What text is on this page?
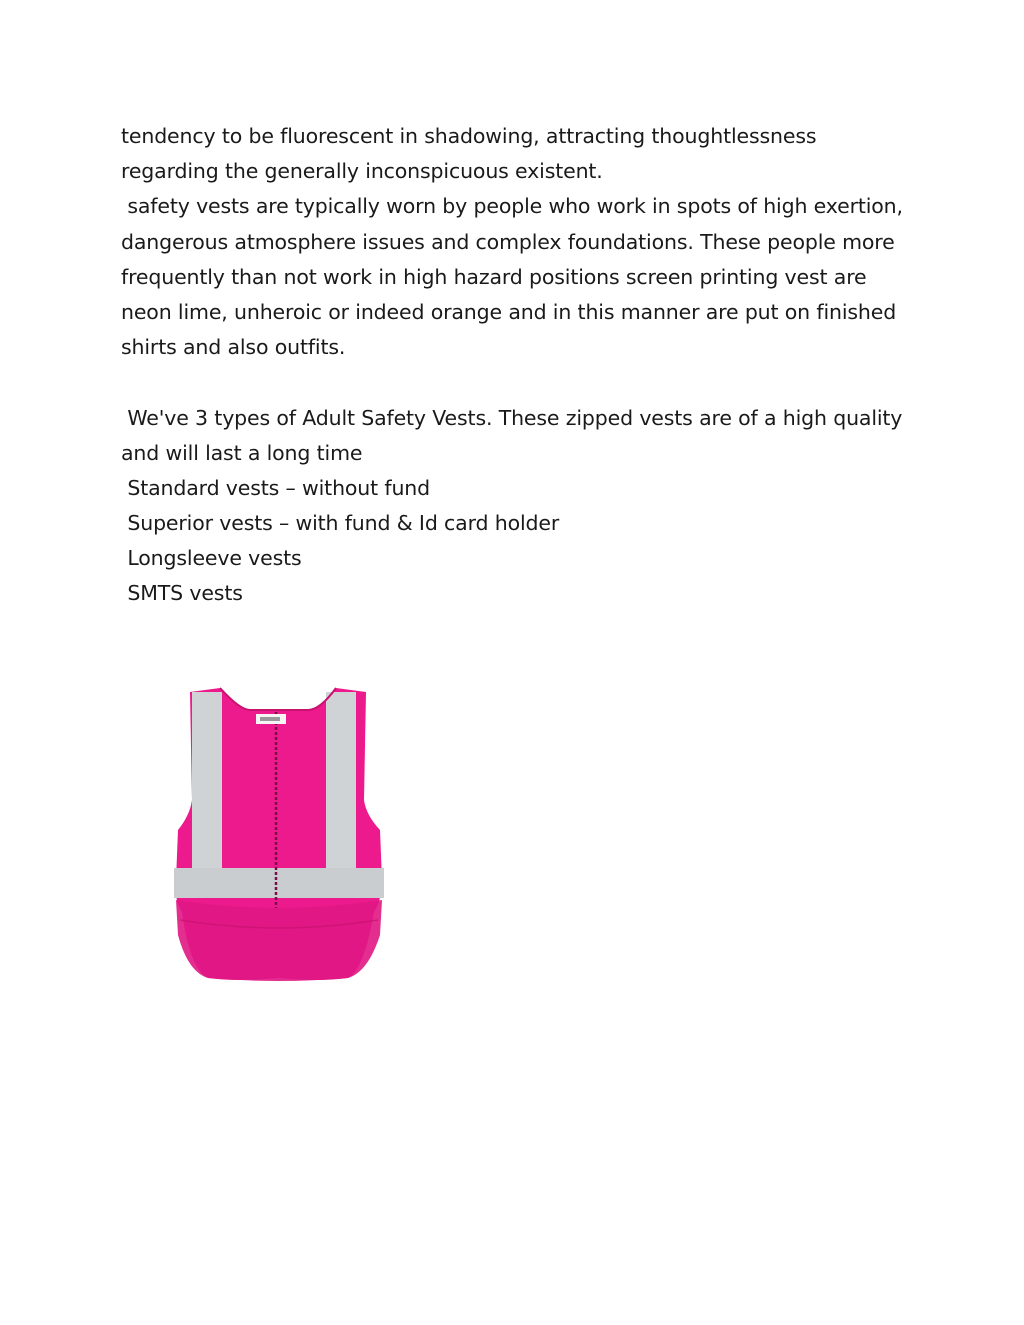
tendency to be fluorescent in shadowing, attracting thoughtlessness
regarding the generally inconspicuous existent.
safety vests are typically worn by people who work in spots of high exertion,
dangerous atmosphere issues and complex foundations. These people more
frequently than not work in high hazard positions screen printing vest are
neon lime, unheroic or indeed orange and in this manner are put on finished
shirts and also outfits.
We've 3 types of Adult Safety Vests. These zipped vests are of a high quality
and will last a long time
Standard vests – without fund
Superior vests – with fund & Id card holder
Longsleeve vests
SMTS vests
